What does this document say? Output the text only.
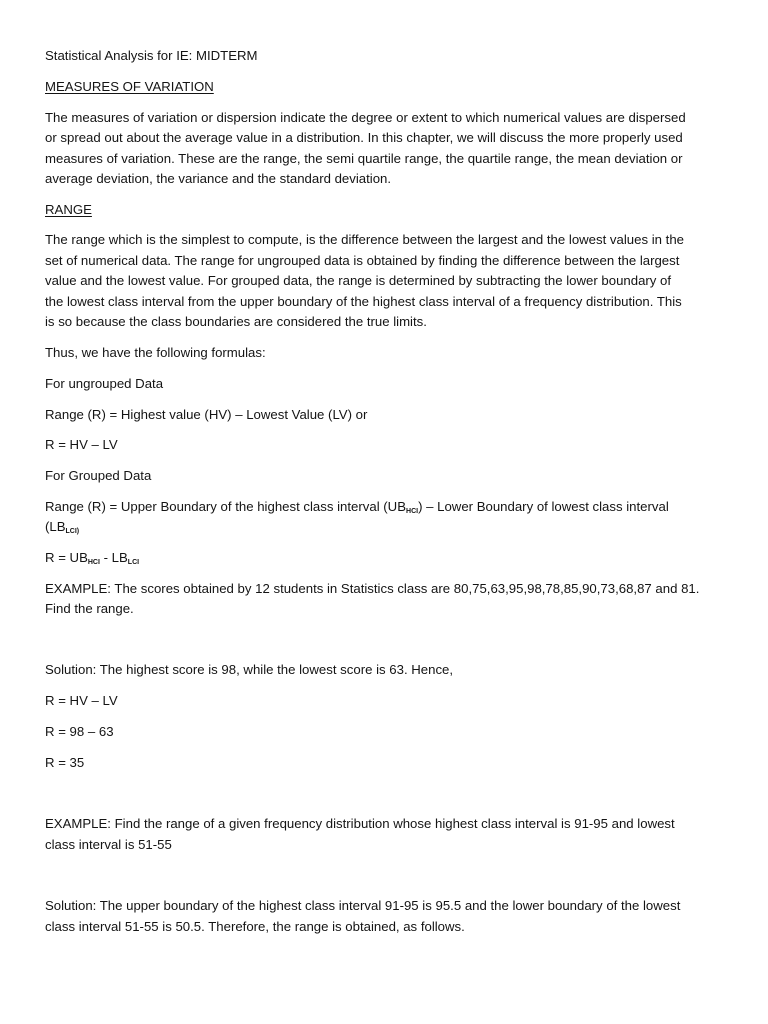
Statistical Analysis for IE: MIDTERM
MEASURES OF VARIATION
The measures of variation or dispersion indicate the degree or extent to which numerical values are dispersed
or spread out about the average value in a distribution. In this chapter, we will discuss the more properly used
measures of variation. These are the range, the semi quartile range, the quartile range, the mean deviation or
average deviation, the variance and the standard deviation.
RANGE
The range which is the simplest to compute, is the difference between the largest and the lowest values in the
set of numerical data. The range for ungrouped data is obtained by finding the difference between the largest
value and the lowest value. For grouped data, the range is determined by subtracting the lower boundary of
the lowest class interval from the upper boundary of the highest class interval of a frequency distribution. This
is so because the class boundaries are considered the true limits.
Thus, we have the following formulas:
For ungrouped Data
Range (R) = Highest value (HV) – Lowest Value (LV) or
R = HV – LV
For Grouped Data
Range (R) = Upper Boundary of the highest class interval $(UB_{HCI})$ – Lower Boundary of lowest class interval
($LB_{LCI)}$
$R = UB_{HCI} - LB_{LCI}$
EXAMPLE: The scores obtained by 12 students in Statistics class are 80,75,63,95,98,78,85,90,73,68,87 and 81.
Find the range.
Solution: The highest score is 98, while the lowest score is 63. Hence,
R = HV – LV
R = 98 – 63
R = 35
EXAMPLE: Find the range of a given frequency distribution whose highest class interval is 91-95 and lowest
class interval is 51-55
Solution: The upper boundary of the highest class interval 91-95 is 95.5 and the lower boundary of the lowest
class interval 51-55 is 50.5. Therefore, the range is obtained, as follows.
